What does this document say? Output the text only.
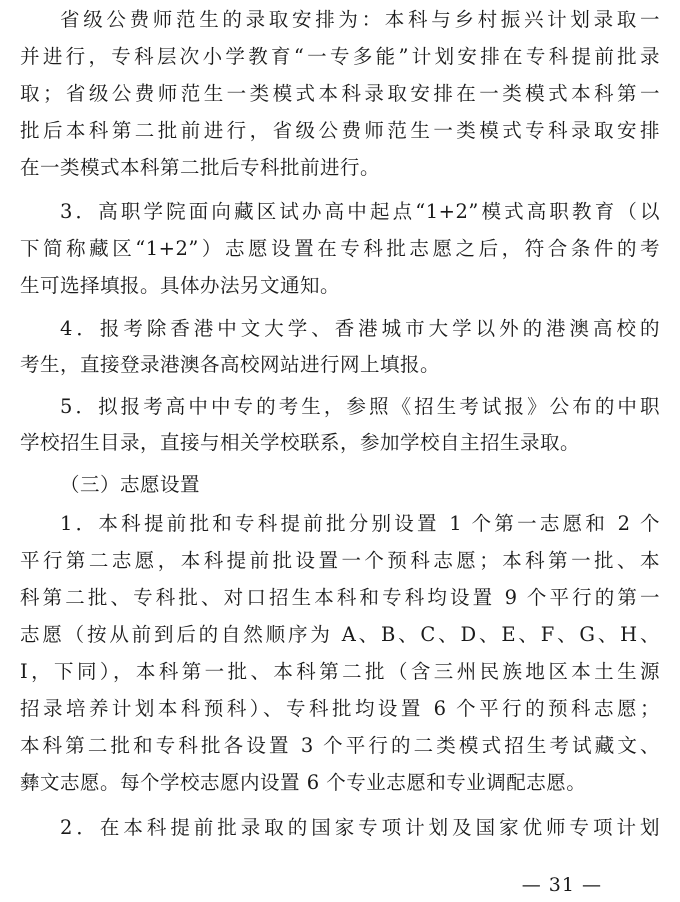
省级公费师范生的录取安排为：本科与乡村振兴计划录取一

并进行，专科层次小学教育“一专多能”计划安排在专科提前批录

取；省级公费师范生一类模式本科录取安排在一类模式本科第一

批后本科第二批前进行，省级公费师范生一类模式专科录取安排

在一类模式本科第二批后专科批前进行。

3．高职学院面向藏区试办高中起点“1+2”模式高职教育（以

下简称藏区“1+2”）志愿设置在专科批志愿之后，符合条件的考

生可选择填报。具体办法另文通知。

4．报考除香港中文大学、香港城市大学以外的港澳高校的

考生，直接登录港澳各高校网站进行网上填报。

5．拟报考高中中专的考生，参照《招生考试报》公布的中职

学校招生目录，直接与相关学校联系，参加学校自主招生录取。

（三）志愿设置

1．本科提前批和专科提前批分别设置 1 个第一志愿和 2 个

平行第二志愿，本科提前批设置一个预科志愿；本科第一批、本

科第二批、专科批、对口招生本科和专科均设置 9 个平行的第一

志愿（按从前到后的自然顺序为 A、B、C、D、E、F、G、H、

I，下同），本科第一批、本科第二批（含三州民族地区本土生源

招录培养计划本科预科）、专科批均设置 6 个平行的预科志愿；

本科第二批和专科批各设置 3 个平行的二类模式招生考试藏文、

彝文志愿。每个学校志愿内设置 6 个专业志愿和专业调配志愿。

2．在本科提前批录取的国家专项计划及国家优师专项计划

— 31 —
